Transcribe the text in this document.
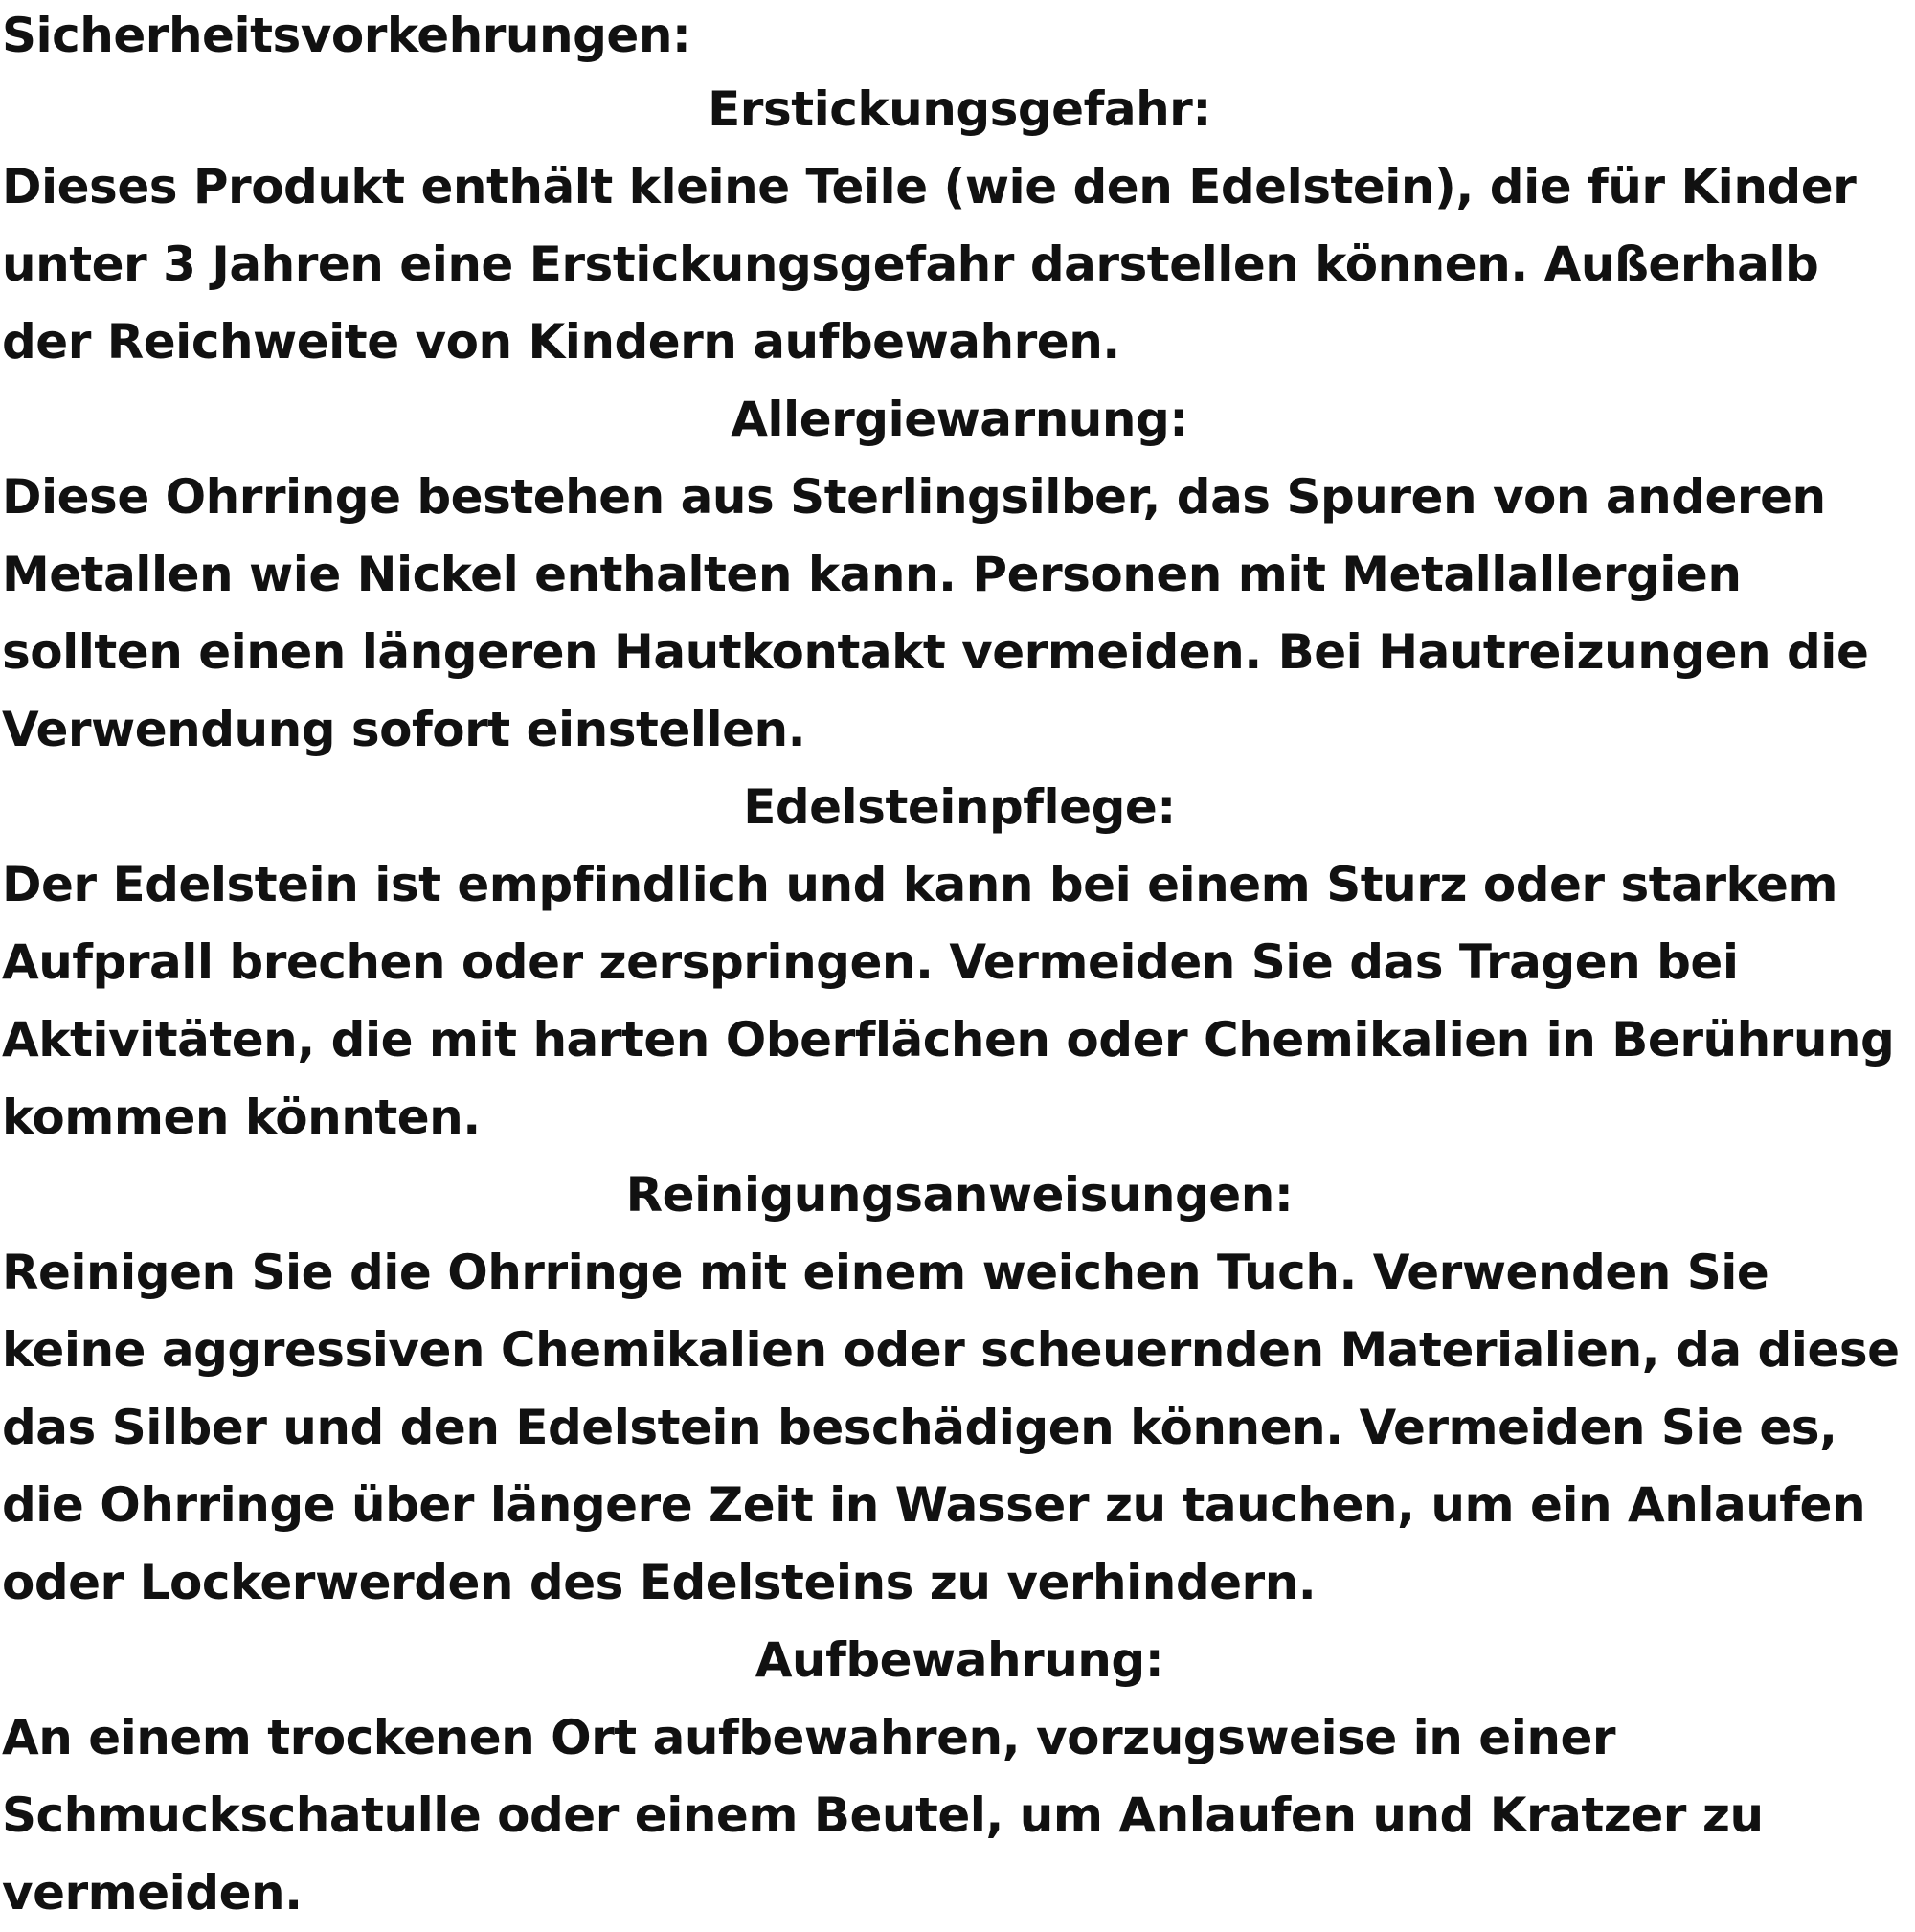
Sicherheitsvorkehrungen:
Erstickungsgefahr:

Dieses Produkt enthält kleine Teile (wie den Edelstein), die für Kinder
unter 3 Jahren eine Erstickungsgefahr darstellen können. Außerhalb
der Reichweite von Kindern aufbewahren.

Allergiewarnung:

Diese Ohrringe bestehen aus Sterlingsilber, das Spuren von anderen
Metallen wie Nickel enthalten kann. Personen mit Metallallergien
sollten einen längeren Hautkontakt vermeiden. Bei Hautreizungen die
Verwendung sofort einstellen.

Edelsteinpflege:

Der Edelstein ist empfindlich und kann bei einem Sturz oder starkem
Aufprall brechen oder zerspringen. Vermeiden Sie das Tragen bei
Aktivitäten, die mit harten Oberflächen oder Chemikalien in Berührung
kommen könnten.

Reinigungsanweisungen:

Reinigen Sie die Ohrringe mit einem weichen Tuch. Verwenden Sie
keine aggressiven Chemikalien oder scheuernden Materialien, da diese
das Silber und den Edelstein beschädigen können. Vermeiden Sie es,
die Ohrringe über längere Zeit in Wasser zu tauchen, um ein Anlaufen
oder Lockerwerden des Edelsteins zu verhindern.

Aufbewahrung:

An einem trockenen Ort aufbewahren, vorzugsweise in einer
Schmuckschatulle oder einem Beutel, um Anlaufen und Kratzer zu
vermeiden.
